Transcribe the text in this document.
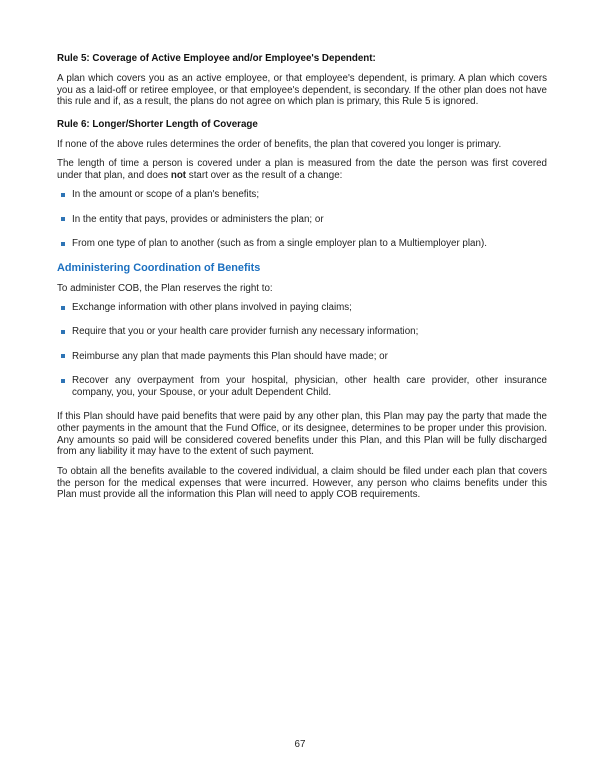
Rule 5: Coverage of Active Employee and/or Employee's Dependent:

A plan which covers you as an active employee, or that employee's dependent, is primary. A plan which covers you as a laid-off or retiree employee, or that employee's dependent, is secondary. If the other plan does not have this rule and if, as a result, the plans do not agree on which plan is primary, this Rule 5 is ignored.

Rule 6: Longer/Shorter Length of Coverage

If none of the above rules determines the order of benefits, the plan that covered you longer is primary.

The length of time a person is covered under a plan is measured from the date the person was first covered under that plan, and does not start over as the result of a change:

In the amount or scope of a plan's benefits;
In the entity that pays, provides or administers the plan; or
From one type of plan to another (such as from a single employer plan to a Multiemployer plan).
Administering Coordination of Benefits

To administer COB, the Plan reserves the right to:

Exchange information with other plans involved in paying claims;
Require that you or your health care provider furnish any necessary information;
Reimburse any plan that made payments this Plan should have made; or
Recover any overpayment from your hospital, physician, other health care provider, other insurance company, you, your Spouse, or your adult Dependent Child.

If this Plan should have paid benefits that were paid by any other plan, this Plan may pay the party that made the other payments in the amount that the Fund Office, or its designee, determines to be proper under this provision. Any amounts so paid will be considered covered benefits under this Plan, and this Plan will be fully discharged from any liability it may have to the extent of such payment.

To obtain all the benefits available to the covered individual, a claim should be filed under each plan that covers the person for the medical expenses that were incurred. However, any person who claims benefits under this Plan must provide all the information this Plan will need to apply COB requirements.

67
